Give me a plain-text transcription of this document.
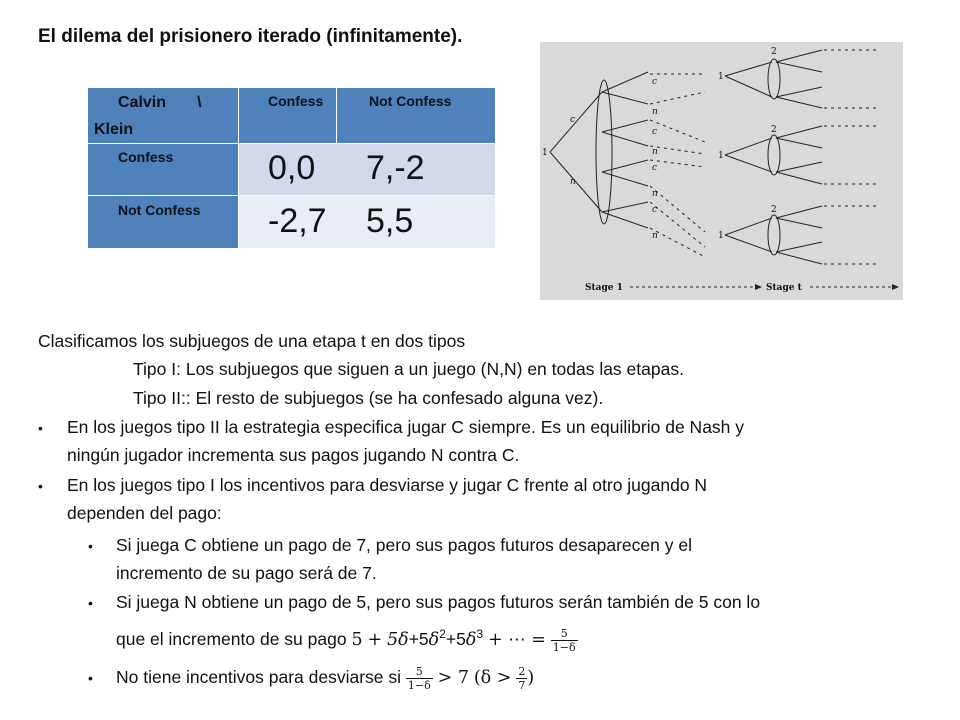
El dilema del prisionero iterado (infinitamente).
Calvin       \
Klein
Confess	Not Confess
Confess
Not Confess
0,0 7,-2
-2,7 5,5
1
c
n
c
n
c
n
c
n
c
n
1
1
1
2
2
2
Stage 1	Stage t
Clasificamos los subjuegos de una etapa t en dos tipos
Tipo I: Los subjuegos que siguen a un juego (N,N) en todas las etapas.
Tipo II:: El resto de subjuegos (se ha confesado alguna vez).
• En los juegos tipo II la estrategia especifica jugar C siempre. Es un equilibrio de Nash y
ningún jugador incrementa sus pagos jugando N contra C.
• En los juegos tipo I los incentivos para desviarse y jugar C frente al otro jugando N
dependen del pago:
• Si juega C obtiene un pago de 7, pero sus pagos futuros desaparecen y el
incremento de su pago será de 7.
• Si juega N obtiene un pago de 5, pero sus pagos futuros serán también de 5 con lo
que el incremento de su pago $5 + 5\delta+5\delta^2+5\delta^3$ + ⋯ = $\frac{5}{1-\delta}$
• No tiene incentivos para desviarse si $\frac{5}{1-\delta} > 7$ ($\delta > \frac{2}{7}$ )
